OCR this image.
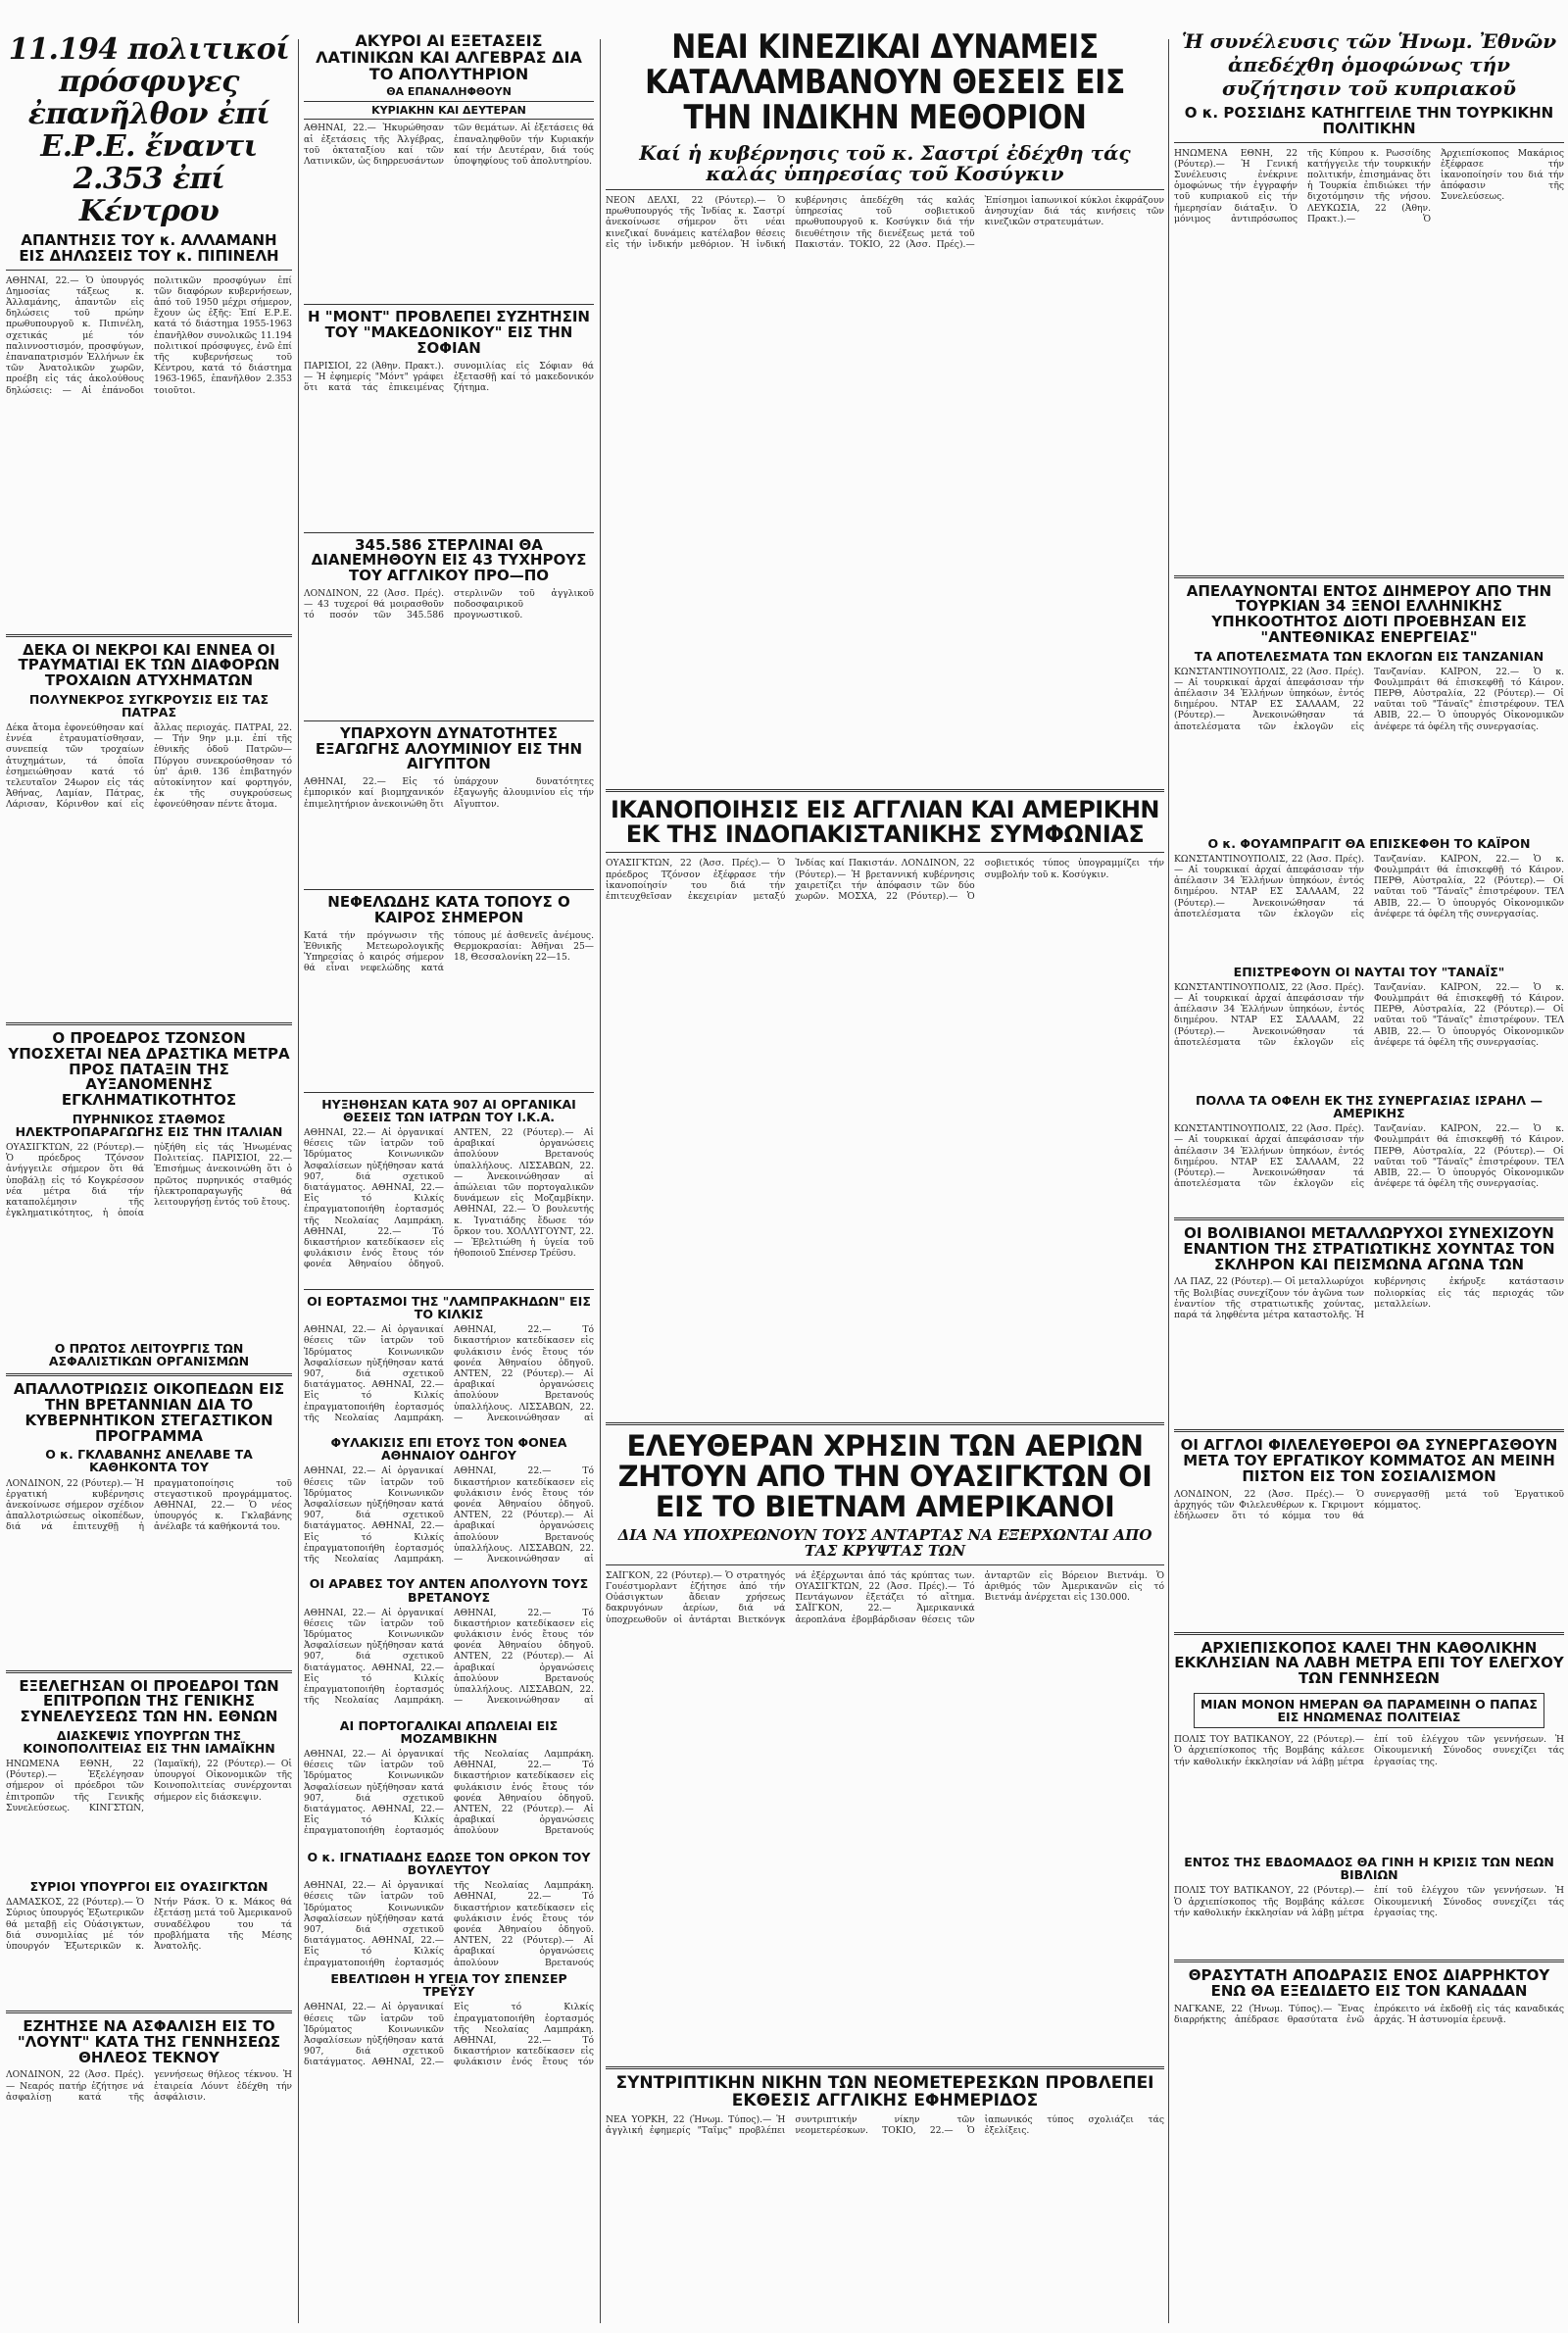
11.194 πολιτικοί πρόσφυγες ἐπανῆλθον ἐπί Ε.Ρ.Ε. ἔναντι 2.353 ἐπί Κέντρου
ΑΠΑΝΤΗΣΙΣ ΤΟΥ κ. ΑΛΛΑΜΑΝΗ ΕΙΣ ΔΗΛΩΣΕΙΣ ΤΟΥ κ. ΠΙΠΙΝΕΛΗ
ΑΘΗΝΑΙ, 22.— Ὁ ὑπουργός Δημοσίας τάξεως κ. Ἀλλαμάνης, ἀπαντῶν εἰς δηλώσεις τοῦ πρώην πρωθυπουργοῦ κ. Πιπινέλη, σχετικάς μέ τόν παλιννοστισμόν, προσφύγων, ἐπαναπατρισμόν Ἑλλήνων ἐκ τῶν Ἀνατολικῶν χωρῶν, προέβη εἰς τάς ἀκολούθους δηλώσεις: — Αἱ ἐπάνοδοι πολιτικῶν προσφύγων ἐπί τῶν διαφόρων κυβερνήσεων, ἀπό τοῦ 1950 μέχρι σήμερον, ἔχουν ὡς ἑξῆς: Ἐπί Ε.Ρ.Ε. κατά τό διάστημα 1955-1963 ἐπανῆλθον συνολικῶς 11.194 πολιτικοί πρόσφυγες, ἐνῶ ἐπί τῆς κυβερνήσεως τοῦ Κέντρου, κατά τό διάστημα 1963-1965, ἐπανῆλθον 2.353 τοιοῦτοι.
ΔΕΚΑ ΟΙ ΝΕΚΡΟΙ ΚΑΙ ΕΝΝΕΑ ΟΙ ΤΡΑΥΜΑΤΙΑΙ ΕΚ ΤΩΝ ΔΙΑΦΟΡΩΝ ΤΡΟΧΑΙΩΝ ΑΤΥΧΗΜΑΤΩΝ
ΠΟΛΥΝΕΚΡΟΣ ΣΥΓΚΡΟΥΣΙΣ ΕΙΣ ΤΑΣ ΠΑΤΡΑΣ
Δέκα ἄτομα ἐφονεύθησαν καί ἐννέα ἐτραυματίσθησαν, συνεπείᾳ τῶν τροχαίων ἀτυχημάτων, τά ὁποῖα ἐσημειώθησαν κατά τό τελευταῖον 24ωρον εἰς τάς Ἀθήνας, Λαμίαν, Πάτρας, Λάρισαν, Κόρινθον καί εἰς ἄλλας περιοχάς. ΠΑΤΡΑΙ, 22.— Τήν 9ην μ.μ. ἐπί τῆς ἐθνικῆς ὁδοῦ Πατρῶν—Πύργου συνεκρούσθησαν τό ὑπ' ἀριθ. 136 ἐπιβατηγόν αὐτοκίνητον καί φορτηγόν, ἐκ τῆς συγκρούσεως ἐφονεύθησαν πέντε ἄτομα.
Ο ΠΡΟΕΔΡΟΣ ΤΖΟΝΣΟΝ ΥΠΟΣΧΕΤΑΙ ΝΕΑ ΔΡΑΣΤΙΚΑ ΜΕΤΡΑ ΠΡΟΣ ΠΑΤΑΞΙΝ ΤΗΣ ΑΥΞΑΝΟΜΕΝΗΣ ΕΓΚΛΗΜΑΤΙΚΟΤΗΤΟΣ
ΠΥΡΗΝΙΚΟΣ ΣΤΑΘΜΟΣ ΗΛΕΚΤΡΟΠΑΡΑΓΩΓΗΣ ΕΙΣ ΤΗΝ ΙΤΑΛΙΑΝ
ΟΥΑΣΙΓΚΤΩΝ, 22 (Ρόυτερ).— Ὁ πρόεδρος Τζόνσον ἀνήγγειλε σήμερον ὅτι θά ὑποβάλῃ εἰς τό Κογκρέσσον νέα μέτρα διά τήν καταπολέμησιν τῆς ἐγκληματικότητος, ἡ ὁποία ηὐξήθη εἰς τάς Ἡνωμένας Πολιτείας. ΠΑΡΙΣΙΟΙ, 22.— Ἐπισήμως ἀνεκοινώθη ὅτι ὁ πρῶτος πυρηνικός σταθμός ἠλεκτροπαραγωγῆς θά λειτουργήσῃ ἐντός τοῦ ἔτους.
Ο ΠΡΩΤΟΣ ΛΕΙΤΟΥΡΓΙΣ ΤΩΝ ΑΣΦΑΛΙΣΤΙΚΩΝ ΟΡΓΑΝΙΣΜΩΝ
ΑΠΑΛΛΟΤΡΙΩΣΙΣ ΟΙΚΟΠΕΔΩΝ ΕΙΣ ΤΗΝ ΒΡΕΤΑΝΝΙΑΝ ΔΙΑ ΤΟ ΚΥΒΕΡΝΗΤΙΚΟΝ ΣΤΕΓΑΣΤΙΚΟΝ ΠΡΟΓΡΑΜΜΑ
Ο κ. ΓΚΛΑΒΑΝΗΣ ΑΝΕΛΑΒΕ ΤΑ ΚΑΘΗΚΟΝΤΑ ΤΟΥ
ΛΟΝΔΙΝΟΝ, 22 (Ρόυτερ).— Ἡ ἐργατική κυβέρνησις ἀνεκοίνωσε σήμερον σχέδιον ἀπαλλοτριώσεως οἰκοπέδων, διά νά ἐπιτευχθῇ ἡ πραγματοποίησις τοῦ στεγαστικοῦ προγράμματος. ΑΘΗΝΑΙ, 22.— Ὁ νέος ὑπουργός κ. Γκλαβάνης ἀνέλαβε τά καθήκοντά του.
ΕΞΕΛΕΓΗΣΑΝ ΟΙ ΠΡΟΕΔΡΟΙ ΤΩΝ ΕΠΙΤΡΟΠΩΝ ΤΗΣ ΓΕΝΙΚΗΣ ΣΥΝΕΛΕΥΣΕΩΣ ΤΩΝ ΗΝ. ΕΘΝΩΝ
ΔΙΑΣΚΕΨΙΣ ΥΠΟΥΡΓΩΝ ΤΗΣ ΚΟΙΝΟΠΟΛΙΤΕΙΑΣ ΕΙΣ ΤΗΝ ΙΑΜΑΪΚΗΝ
ΗΝΩΜΕΝΑ ΕΘΝΗ, 22 (Ρόυτερ).— Ἐξελέγησαν σήμερον οἱ πρόεδροι τῶν ἐπιτροπῶν τῆς Γενικῆς Συνελεύσεως. ΚΙΝΓΣΤΩΝ, (Ἰαμαϊκή), 22 (Ρόυτερ).— Οἱ ὑπουργοί Οἰκονομικῶν τῆς Κοινοπολιτείας συνέρχονται σήμερον εἰς διάσκεψιν.
ΣΥΡΙΟΙ ΥΠΟΥΡΓΟΙ ΕΙΣ ΟΥΑΣΙΓΚΤΩΝ
ΔΑΜΑΣΚΟΣ, 22 (Ρόυτερ).— Ὁ Σύριος ὑπουργός Ἐξωτερικῶν θά μεταβῇ εἰς Οὐάσιγκτων, διά συνομιλίας μέ τόν ὑπουργόν Ἐξωτερικῶν κ. Ντήν Ράσκ. Ὁ κ. Μάκος θά ἐξετάσῃ μετά τοῦ Ἀμερικανοῦ συναδέλφου του τά προβλήματα τῆς Μέσης Ἀνατολῆς.
ΕΖΗΤΗΣΕ ΝΑ ΑΣΦΑΛΙΣΗ ΕΙΣ ΤΟ "ΛΟΥΝΤ" ΚΑΤΑ ΤΗΣ ΓΕΝΝΗΣΕΩΣ ΘΗΛΕΟΣ ΤΕΚΝΟΥ
ΛΟΝΔΙΝΟΝ, 22 (Ἀσσ. Πρές).— Νεαρός πατήρ ἐζήτησε νά ἀσφαλίσῃ κατά τῆς γεννήσεως θήλεος τέκνου. Ἡ ἑταιρεία Λόυντ ἐδέχθη τήν ἀσφάλισιν.
ΑΚΥΡΟΙ ΑΙ ΕΞΕΤΑΣΕΙΣ ΛΑΤΙΝΙΚΩΝ ΚΑΙ ΑΛΓΕΒΡΑΣ ΔΙΑ ΤΟ ΑΠΟΛΥΤΗΡΙΟΝ
ΘΑ ΕΠΑΝΑΛΗΦΘΟΥΝ
ΚΥΡΙΑΚΗΝ ΚΑΙ ΔΕΥΤΕΡΑΝ
ΑΘΗΝΑΙ, 22.— Ἠκυρώθησαν αἱ ἐξετάσεις τῆς Ἀλγέβρας, τοῦ ὀκταταξίου καί τῶν Λατινικῶν, ὡς διηρρευσάντων τῶν θεμάτων. Αἱ ἐξετάσεις θά ἐπαναληφθοῦν τήν Κυριακήν καί τήν Δευτέραν, διά τούς ὑποψηφίους τοῦ ἀπολυτηρίου.
Η "ΜΟΝΤ" ΠΡΟΒΛΕΠΕΙ ΣΥΖΗΤΗΣΙΝ ΤΟΥ "ΜΑΚΕΔΟΝΙΚΟΥ" ΕΙΣ ΤΗΝ ΣΟΦΙΑΝ
ΠΑΡΙΣΙΟΙ, 22 (Ἀθην. Πρακτ.).— Ἡ ἐφημερίς "Μόντ" γράφει ὅτι κατά τάς ἐπικειμένας συνομιλίας εἰς Σόφιαν θά ἐξετασθῇ καί τό μακεδονικόν ζήτημα.
345.586 ΣΤΕΡΛΙΝΑΙ ΘΑ ΔΙΑΝΕΜΗΘΟΥΝ ΕΙΣ 43 ΤΥΧΗΡΟΥΣ ΤΟΥ ΑΓΓΛΙΚΟΥ ΠΡΟ—ΠΟ
ΛΟΝΔΙΝΟΝ, 22 (Ἀσσ. Πρές).— 43 τυχεροί θά μοιρασθοῦν τό ποσόν τῶν 345.586 στερλινῶν τοῦ ἀγγλικοῦ ποδοσφαιρικοῦ προγνωστικοῦ.
ΥΠΑΡΧΟΥΝ ΔΥΝΑΤΟΤΗΤΕΣ ΕΞΑΓΩΓΗΣ ΑΛΟΥΜΙΝΙΟΥ ΕΙΣ ΤΗΝ ΑΙΓΥΠΤΟΝ
ΑΘΗΝΑΙ, 22.— Εἰς τό ἐμπορικόν καί βιομηχανικόν ἐπιμελητήριον ἀνεκοινώθη ὅτι ὑπάρχουν δυνατότητες ἐξαγωγῆς ἀλουμινίου εἰς τήν Αἴγυπτον.
ΝΕΦΕΛΩΔΗΣ ΚΑΤΑ ΤΟΠΟΥΣ Ο ΚΑΙΡΟΣ ΣΗΜΕΡΟΝ
Κατά τήν πρόγνωσιν τῆς Ἐθνικῆς Μετεωρολογικῆς Ὑπηρεσίας ὁ καιρός σήμερον θά εἶναι νεφελώδης κατά τόπους μέ ἀσθενεῖς ἀνέμους. Θερμοκρασίαι: Ἀθῆναι 25—18, Θεσσαλονίκη 22—15.
ΗΥΞΗΘΗΣΑΝ ΚΑΤΑ 907 ΑΙ ΟΡΓΑΝΙΚΑΙ ΘΕΣΕΙΣ ΤΩΝ ΙΑΤΡΩΝ ΤΟΥ Ι.Κ.Α.
ΑΘΗΝΑΙ, 22.— Αἱ ὀργανικαί θέσεις τῶν ἰατρῶν τοῦ Ἱδρύματος Κοινωνικῶν Ἀσφαλίσεων ηὐξήθησαν κατά 907, διά σχετικοῦ διατάγματος. ΑΘΗΝΑΙ, 22.— Εἰς τό Κιλκίς ἐπραγματοποιήθη ἑορτασμός τῆς Νεολαίας Λαμπράκη. ΑΘΗΝΑΙ, 22.— Τό δικαστήριον κατεδίκασεν εἰς φυλάκισιν ἑνός ἔτους τόν φονέα Ἀθηναίου ὁδηγοῦ. ΑΝΤΕΝ, 22 (Ρόυτερ).— Αἱ ἀραβικαί ὀργανώσεις ἀπολύουν Βρετανούς ὑπαλλήλους. ΛΙΣΣΑΒΩΝ, 22.— Ἀνεκοινώθησαν αἱ ἀπώλειαι τῶν πορτογαλικῶν δυνάμεων εἰς Μοζαμβίκην. ΑΘΗΝΑΙ, 22.— Ὁ βουλευτής κ. Ἰγνατιάδης ἔδωσε τόν ὅρκον του. ΧΟΛΛΥΓΟΥΝΤ, 22.— Ἐβελτιώθη ἡ ὑγεία τοῦ ἠθοποιοῦ Σπένσερ Τρέϋσυ.
ΟΙ ΕΟΡΤΑΣΜΟΙ ΤΗΣ "ΛΑΜΠΡΑΚΗΔΩΝ" ΕΙΣ ΤΟ ΚΙΛΚΙΣ
ΑΘΗΝΑΙ, 22.— Αἱ ὀργανικαί θέσεις τῶν ἰατρῶν τοῦ Ἱδρύματος Κοινωνικῶν Ἀσφαλίσεων ηὐξήθησαν κατά 907, διά σχετικοῦ διατάγματος. ΑΘΗΝΑΙ, 22.— Εἰς τό Κιλκίς ἐπραγματοποιήθη ἑορτασμός τῆς Νεολαίας Λαμπράκη. ΑΘΗΝΑΙ, 22.— Τό δικαστήριον κατεδίκασεν εἰς φυλάκισιν ἑνός ἔτους τόν φονέα Ἀθηναίου ὁδηγοῦ. ΑΝΤΕΝ, 22 (Ρόυτερ).— Αἱ ἀραβικαί ὀργανώσεις ἀπολύουν Βρετανούς ὑπαλλήλους. ΛΙΣΣΑΒΩΝ, 22.— Ἀνεκοινώθησαν αἱ
ΦΥΛΑΚΙΣΙΣ ΕΠΙ ΕΤΟΥΣ ΤΟΝ ΦΟΝΕΑ ΑΘΗΝΑΙΟΥ ΟΔΗΓΟΥ
ΑΘΗΝΑΙ, 22.— Αἱ ὀργανικαί θέσεις τῶν ἰατρῶν τοῦ Ἱδρύματος Κοινωνικῶν Ἀσφαλίσεων ηὐξήθησαν κατά 907, διά σχετικοῦ διατάγματος. ΑΘΗΝΑΙ, 22.— Εἰς τό Κιλκίς ἐπραγματοποιήθη ἑορτασμός τῆς Νεολαίας Λαμπράκη. ΑΘΗΝΑΙ, 22.— Τό δικαστήριον κατεδίκασεν εἰς φυλάκισιν ἑνός ἔτους τόν φονέα Ἀθηναίου ὁδηγοῦ. ΑΝΤΕΝ, 22 (Ρόυτερ).— Αἱ ἀραβικαί ὀργανώσεις ἀπολύουν Βρετανούς ὑπαλλήλους. ΛΙΣΣΑΒΩΝ, 22.— Ἀνεκοινώθησαν αἱ
ΟΙ ΑΡΑΒΕΣ ΤΟΥ ΑΝΤΕΝ ΑΠΟΛΥΟΥΝ ΤΟΥΣ ΒΡΕΤΑΝΟΥΣ
ΑΘΗΝΑΙ, 22.— Αἱ ὀργανικαί θέσεις τῶν ἰατρῶν τοῦ Ἱδρύματος Κοινωνικῶν Ἀσφαλίσεων ηὐξήθησαν κατά 907, διά σχετικοῦ διατάγματος. ΑΘΗΝΑΙ, 22.— Εἰς τό Κιλκίς ἐπραγματοποιήθη ἑορτασμός τῆς Νεολαίας Λαμπράκη. ΑΘΗΝΑΙ, 22.— Τό δικαστήριον κατεδίκασεν εἰς φυλάκισιν ἑνός ἔτους τόν φονέα Ἀθηναίου ὁδηγοῦ. ΑΝΤΕΝ, 22 (Ρόυτερ).— Αἱ ἀραβικαί ὀργανώσεις ἀπολύουν Βρετανούς ὑπαλλήλους. ΛΙΣΣΑΒΩΝ, 22.— Ἀνεκοινώθησαν αἱ
ΑΙ ΠΟΡΤΟΓΑΛΙΚΑΙ ΑΠΩΛΕΙΑΙ ΕΙΣ ΜΟΖΑΜΒΙΚΗΝ
ΑΘΗΝΑΙ, 22.— Αἱ ὀργανικαί θέσεις τῶν ἰατρῶν τοῦ Ἱδρύματος Κοινωνικῶν Ἀσφαλίσεων ηὐξήθησαν κατά 907, διά σχετικοῦ διατάγματος. ΑΘΗΝΑΙ, 22.— Εἰς τό Κιλκίς ἐπραγματοποιήθη ἑορτασμός τῆς Νεολαίας Λαμπράκη. ΑΘΗΝΑΙ, 22.— Τό δικαστήριον κατεδίκασεν εἰς φυλάκισιν ἑνός ἔτους τόν φονέα Ἀθηναίου ὁδηγοῦ. ΑΝΤΕΝ, 22 (Ρόυτερ).— Αἱ ἀραβικαί ὀργανώσεις ἀπολύουν Βρετανούς
Ο κ. ΙΓΝΑΤΙΑΔΗΣ ΕΔΩΣΕ ΤΟΝ ΟΡΚΟΝ ΤΟΥ ΒΟΥΛΕΥΤΟΥ
ΑΘΗΝΑΙ, 22.— Αἱ ὀργανικαί θέσεις τῶν ἰατρῶν τοῦ Ἱδρύματος Κοινωνικῶν Ἀσφαλίσεων ηὐξήθησαν κατά 907, διά σχετικοῦ διατάγματος. ΑΘΗΝΑΙ, 22.— Εἰς τό Κιλκίς ἐπραγματοποιήθη ἑορτασμός τῆς Νεολαίας Λαμπράκη. ΑΘΗΝΑΙ, 22.— Τό δικαστήριον κατεδίκασεν εἰς φυλάκισιν ἑνός ἔτους τόν φονέα Ἀθηναίου ὁδηγοῦ. ΑΝΤΕΝ, 22 (Ρόυτερ).— Αἱ ἀραβικαί ὀργανώσεις ἀπολύουν Βρετανούς
ΕΒΕΛΤΙΩΘΗ Η ΥΓΕΙΑ ΤΟΥ ΣΠΕΝΣΕΡ ΤΡΕΫΣΥ
ΑΘΗΝΑΙ, 22.— Αἱ ὀργανικαί θέσεις τῶν ἰατρῶν τοῦ Ἱδρύματος Κοινωνικῶν Ἀσφαλίσεων ηὐξήθησαν κατά 907, διά σχετικοῦ διατάγματος. ΑΘΗΝΑΙ, 22.— Εἰς τό Κιλκίς ἐπραγματοποιήθη ἑορτασμός τῆς Νεολαίας Λαμπράκη. ΑΘΗΝΑΙ, 22.— Τό δικαστήριον κατεδίκασεν εἰς φυλάκισιν ἑνός ἔτους τόν
ΝΕΑΙ ΚΙΝΕΖΙΚΑΙ ΔΥΝΑΜΕΙΣ ΚΑΤΑΛΑΜΒΑΝΟΥΝ ΘΕΣΕΙΣ ΕΙΣ ΤΗΝ ΙΝΔΙΚΗΝ ΜΕΘΟΡΙΟΝ
Καί ἡ κυβέρνησις τοῦ κ. Σαστρί ἐδέχθη τάς καλάς ὑπηρεσίας τοῦ Κοσύγκιν
ΝΕΟΝ ΔΕΛΧΙ, 22 (Ρόυτερ).— Ὁ πρωθυπουργός τῆς Ἰνδίας κ. Σαστρί ἀνεκοίνωσε σήμερον ὅτι νέαι κινεζικαί δυνάμεις κατέλαβον θέσεις εἰς τήν ἰνδικήν μεθόριον. Ἡ ἰνδική κυβέρνησις ἀπεδέχθη τάς καλάς ὑπηρεσίας τοῦ σοβιετικοῦ πρωθυπουργοῦ κ. Κοσύγκιν διά τήν διευθέτησιν τῆς διενέξεως μετά τοῦ Πακιστάν. ΤΟΚΙΟ, 22 (Ἀσσ. Πρές).— Ἐπίσημοι ἰαπωνικοί κύκλοι ἐκφράζουν ἀνησυχίαν διά τάς κινήσεις τῶν κινεζικῶν στρατευμάτων.
ΙΚΑΝΟΠΟΙΗΣΙΣ ΕΙΣ ΑΓΓΛΙΑΝ ΚΑΙ ΑΜΕΡΙΚΗΝ ΕΚ ΤΗΣ ΙΝΔΟΠΑΚΙΣΤΑΝΙΚΗΣ ΣΥΜΦΩΝΙΑΣ
ΟΥΑΣΙΓΚΤΩΝ, 22 (Ἀσσ. Πρές).— Ὁ πρόεδρος Τζόνσον ἐξέφρασε τήν ἱκανοποίησίν του διά τήν ἐπιτευχθεῖσαν ἐκεχειρίαν μεταξύ Ἰνδίας καί Πακιστάν. ΛΟΝΔΙΝΟΝ, 22 (Ρόυτερ).— Ἡ βρεταννική κυβέρνησις χαιρετίζει τήν ἀπόφασιν τῶν δύο χωρῶν. ΜΟΣΧΑ, 22 (Ρόυτερ).— Ὁ σοβιετικός τύπος ὑπογραμμίζει τήν συμβολήν τοῦ κ. Κοσύγκιν.
ΕΛΕΥΘΕΡΑΝ ΧΡΗΣΙΝ ΤΩΝ ΑΕΡΙΩΝ ΖΗΤΟΥΝ ΑΠΟ ΤΗΝ ΟΥΑΣΙΓΚΤΩΝ ΟΙ ΕΙΣ ΤΟ ΒΙΕΤΝΑΜ ΑΜΕΡΙΚΑΝΟΙ
ΔΙΑ ΝΑ ΥΠΟΧΡΕΩΝΟΥΝ ΤΟΥΣ ΑΝΤΑΡΤΑΣ ΝΑ ΕΞΕΡΧΩΝΤΑΙ ΑΠΟ ΤΑΣ ΚΡΥΨΤΑΣ ΤΩΝ
ΣΑΪΓΚΟΝ, 22 (Ρόυτερ).— Ὁ στρατηγός Γουέστμορλαντ ἐζήτησε ἀπό τήν Οὐάσιγκτων ἄδειαν χρήσεως δακρυγόνων ἀερίων, διά νά ὑποχρεωθοῦν οἱ ἀντάρται Βιετκόνγκ νά ἐξέρχωνται ἀπό τάς κρύπτας των. ΟΥΑΣΙΓΚΤΩΝ, 22 (Ἀσσ. Πρές).— Τό Πεντάγωνον ἐξετάζει τό αἴτημα. ΣΑΪΓΚΟΝ, 22.— Ἀμερικανικά ἀεροπλάνα ἐβομβάρδισαν θέσεις τῶν ἀνταρτῶν εἰς Βόρειον Βιετνάμ. Ὁ ἀριθμός τῶν Ἀμερικανῶν εἰς τό Βιετνάμ ἀνέρχεται εἰς 130.000.
ΣΥΝΤΡΙΠΤΙΚΗΝ ΝΙΚΗΝ ΤΩΝ ΝΕΟΜΕΤΕΡΕΣΚΩΝ ΠΡΟΒΛΕΠΕΙ ΕΚΘΕΣΙΣ ΑΓΓΛΙΚΗΣ ΕΦΗΜΕΡΙΔΟΣ
ΝΕΑ ΥΟΡΚΗ, 22 (Ἡνωμ. Τύπος).— Ἡ ἀγγλική ἐφημερίς "Ταΐμς" προβλέπει συντριπτικήν νίκην τῶν νεομετερέσκων. ΤΟΚΙΟ, 22.— Ὁ ἰαπωνικός τύπος σχολιάζει τάς ἐξελίξεις.
Ἡ συνέλευσις τῶν Ἡνωμ. Ἐθνῶν ἀπεδέχθη ὁμοφώνως τήν συζήτησιν τοῦ κυπριακοῦ
Ο κ. ΡΟΣΣΙΔΗΣ ΚΑΤΗΓΓΕΙΛΕ ΤΗΝ ΤΟΥΡΚΙΚΗΝ ΠΟΛΙΤΙΚΗΝ
ΗΝΩΜΕΝΑ ΕΘΝΗ, 22 (Ρόυτερ).— Ἡ Γενική Συνέλευσις ἐνέκρινε ὁμοφώνως τήν ἐγγραφήν τοῦ κυπριακοῦ εἰς τήν ἡμερησίαν διάταξιν. Ὁ μόνιμος ἀντιπρόσωπος τῆς Κύπρου κ. Ρωσσίδης κατήγγειλε τήν τουρκικήν πολιτικήν, ἐπισημάνας ὅτι ἡ Τουρκία ἐπιδιώκει τήν διχοτόμησιν τῆς νήσου. ΛΕΥΚΩΣΙΑ, 22 (Ἀθην. Πρακτ.).— Ὁ Ἀρχιεπίσκοπος Μακάριος ἐξέφρασε τήν ἱκανοποίησίν του διά τήν ἀπόφασιν τῆς Συνελεύσεως.
ΑΠΕΛΑΥΝΟΝΤΑΙ ΕΝΤΟΣ ΔΙΗΜΕΡΟΥ ΑΠΟ ΤΗΝ ΤΟΥΡΚΙΑΝ 34 ΞΕΝΟΙ ΕΛΛΗΝΙΚΗΣ ΥΠΗΚΟΟΤΗΤΟΣ ΔΙΟΤΙ ΠΡΟΕΒΗΣΑΝ ΕΙΣ "ΑΝΤΕΘΝΙΚΑΣ ΕΝΕΡΓΕΙΑΣ"
ΤΑ ΑΠΟΤΕΛΕΣΜΑΤΑ ΤΩΝ ΕΚΛΟΓΩΝ ΕΙΣ ΤΑΝΖΑΝΙΑΝ
ΚΩΝΣΤΑΝΤΙΝΟΥΠΟΛΙΣ, 22 (Ἀσσ. Πρές).— Αἱ τουρκικαί ἀρχαί ἀπεφάσισαν τήν ἀπέλασιν 34 Ἑλλήνων ὑπηκόων, ἐντός διημέρου. ΝΤΑΡ ΕΣ ΣΑΛΑΑΜ, 22 (Ρόυτερ).— Ἀνεκοινώθησαν τά ἀποτελέσματα τῶν ἐκλογῶν εἰς Τανζανίαν. ΚΑΪΡΟΝ, 22.— Ὁ κ. Φουλμπράιτ θά ἐπισκεφθῇ τό Κάιρον. ΠΕΡΘ, Αὐστραλία, 22 (Ρόυτερ).— Οἱ ναῦται τοῦ "Τάναϊς" ἐπιστρέφουν. ΤΕΛ ΑΒΙΒ, 22.— Ὁ ὑπουργός Οἰκονομικῶν ἀνέφερε τά ὀφέλη τῆς συνεργασίας.
Ο κ. ΦΟΥΑΜΠΡΑΓΙΤ ΘΑ ΕΠΙΣΚΕΦΘΗ ΤΟ ΚΑΪΡΟΝ
ΚΩΝΣΤΑΝΤΙΝΟΥΠΟΛΙΣ, 22 (Ἀσσ. Πρές).— Αἱ τουρκικαί ἀρχαί ἀπεφάσισαν τήν ἀπέλασιν 34 Ἑλλήνων ὑπηκόων, ἐντός διημέρου. ΝΤΑΡ ΕΣ ΣΑΛΑΑΜ, 22 (Ρόυτερ).— Ἀνεκοινώθησαν τά ἀποτελέσματα τῶν ἐκλογῶν εἰς Τανζανίαν. ΚΑΪΡΟΝ, 22.— Ὁ κ. Φουλμπράιτ θά ἐπισκεφθῇ τό Κάιρον. ΠΕΡΘ, Αὐστραλία, 22 (Ρόυτερ).— Οἱ ναῦται τοῦ "Τάναϊς" ἐπιστρέφουν. ΤΕΛ ΑΒΙΒ, 22.— Ὁ ὑπουργός Οἰκονομικῶν ἀνέφερε τά ὀφέλη τῆς συνεργασίας.
ΕΠΙΣΤΡΕΦΟΥΝ ΟΙ ΝΑΥΤΑΙ ΤΟΥ "ΤΑΝΑΪΣ"
ΚΩΝΣΤΑΝΤΙΝΟΥΠΟΛΙΣ, 22 (Ἀσσ. Πρές).— Αἱ τουρκικαί ἀρχαί ἀπεφάσισαν τήν ἀπέλασιν 34 Ἑλλήνων ὑπηκόων, ἐντός διημέρου. ΝΤΑΡ ΕΣ ΣΑΛΑΑΜ, 22 (Ρόυτερ).— Ἀνεκοινώθησαν τά ἀποτελέσματα τῶν ἐκλογῶν εἰς Τανζανίαν. ΚΑΪΡΟΝ, 22.— Ὁ κ. Φουλμπράιτ θά ἐπισκεφθῇ τό Κάιρον. ΠΕΡΘ, Αὐστραλία, 22 (Ρόυτερ).— Οἱ ναῦται τοῦ "Τάναϊς" ἐπιστρέφουν. ΤΕΛ ΑΒΙΒ, 22.— Ὁ ὑπουργός Οἰκονομικῶν ἀνέφερε τά ὀφέλη τῆς συνεργασίας.
ΠΟΛΛΑ ΤΑ ΟΦΕΛΗ ΕΚ ΤΗΣ ΣΥΝΕΡΓΑΣΙΑΣ ΙΣΡΑΗΛ — ΑΜΕΡΙΚΗΣ
ΚΩΝΣΤΑΝΤΙΝΟΥΠΟΛΙΣ, 22 (Ἀσσ. Πρές).— Αἱ τουρκικαί ἀρχαί ἀπεφάσισαν τήν ἀπέλασιν 34 Ἑλλήνων ὑπηκόων, ἐντός διημέρου. ΝΤΑΡ ΕΣ ΣΑΛΑΑΜ, 22 (Ρόυτερ).— Ἀνεκοινώθησαν τά ἀποτελέσματα τῶν ἐκλογῶν εἰς Τανζανίαν. ΚΑΪΡΟΝ, 22.— Ὁ κ. Φουλμπράιτ θά ἐπισκεφθῇ τό Κάιρον. ΠΕΡΘ, Αὐστραλία, 22 (Ρόυτερ).— Οἱ ναῦται τοῦ "Τάναϊς" ἐπιστρέφουν. ΤΕΛ ΑΒΙΒ, 22.— Ὁ ὑπουργός Οἰκονομικῶν ἀνέφερε τά ὀφέλη τῆς συνεργασίας.
ΟΙ ΒΟΛΙΒΙΑΝΟΙ ΜΕΤΑΛΛΩΡΥΧΟΙ ΣΥΝΕΧΙΖΟΥΝ ΕΝΑΝΤΙΟΝ ΤΗΣ ΣΤΡΑΤΙΩΤΙΚΗΣ ΧΟΥΝΤΑΣ ΤΟΝ ΣΚΛΗΡΟΝ ΚΑΙ ΠΕΙΣΜΩΝΑ ΑΓΩΝΑ ΤΩΝ
ΛΑ ΠΑΖ, 22 (Ρόυτερ).— Οἱ μεταλλωρύχοι τῆς Βολιβίας συνεχίζουν τόν ἀγῶνα των ἐναντίον τῆς στρατιωτικῆς χούντας, παρά τά ληφθέντα μέτρα καταστολῆς. Ἡ κυβέρνησις ἐκήρυξε κατάστασιν πολιορκίας εἰς τάς περιοχάς τῶν μεταλλείων.
ΟΙ ΑΓΓΛΟΙ ΦΙΛΕΛΕΥΘΕΡΟΙ ΘΑ ΣΥΝΕΡΓΑΣΘΟΥΝ ΜΕΤΑ ΤΟΥ ΕΡΓΑΤΙΚΟΥ ΚΟΜΜΑΤΟΣ ΑΝ ΜΕΙΝΗ ΠΙΣΤΟΝ ΕΙΣ ΤΟΝ ΣΟΣΙΑΛΙΣΜΟΝ
ΛΟΝΔΙΝΟΝ, 22 (Ἀσσ. Πρές).— Ὁ ἀρχηγός τῶν Φιλελευθέρων κ. Γκριμοντ ἐδήλωσεν ὅτι τό κόμμα του θά συνεργασθῇ μετά τοῦ Ἐργατικοῦ κόμματος.
ΑΡΧΙΕΠΙΣΚΟΠΟΣ ΚΑΛΕΙ ΤΗΝ ΚΑΘΟΛΙΚΗΝ ΕΚΚΛΗΣΙΑΝ ΝΑ ΛΑΒΗ ΜΕΤΡΑ ΕΠΙ ΤΟΥ ΕΛΕΓΧΟΥ ΤΩΝ ΓΕΝΝΗΣΕΩΝ
ΜΙΑΝ ΜΟΝΟΝ ΗΜΕΡΑΝ ΘΑ ΠΑΡΑΜΕΙΝΗ Ο ΠΑΠΑΣ ΕΙΣ ΗΝΩΜΕΝΑΣ ΠΟΛΙΤΕΙΑΣ
ΠΟΛΙΣ ΤΟΥ ΒΑΤΙΚΑΝΟΥ, 22 (Ρόυτερ).— Ὁ ἀρχιεπίσκοπος τῆς Βομβάης κάλεσε τήν καθολικήν ἐκκλησίαν νά λάβῃ μέτρα ἐπί τοῦ ἐλέγχου τῶν γεννήσεων. Ἡ Οἰκουμενική Σύνοδος συνεχίζει τάς ἐργασίας της.
ΕΝΤΟΣ ΤΗΣ ΕΒΔΟΜΑΔΟΣ ΘΑ ΓΙΝΗ Η ΚΡΙΣΙΣ ΤΩΝ ΝΕΩΝ ΒΙΒΛΙΩΝ
ΠΟΛΙΣ ΤΟΥ ΒΑΤΙΚΑΝΟΥ, 22 (Ρόυτερ).— Ὁ ἀρχιεπίσκοπος τῆς Βομβάης κάλεσε τήν καθολικήν ἐκκλησίαν νά λάβῃ μέτρα ἐπί τοῦ ἐλέγχου τῶν γεννήσεων. Ἡ Οἰκουμενική Σύνοδος συνεχίζει τάς ἐργασίας της.
ΘΡΑΣΥΤΑΤΗ ΑΠΟΔΡΑΣΙΣ ΕΝΟΣ ΔΙΑΡΡΗΚΤΟΥ ΕΝΩ ΘΑ ΕΞΕΔΙΔΕΤΟ ΕΙΣ ΤΟΝ ΚΑΝΑΔΑΝ
ΝΑΓΚΑΝΕ, 22 (Ἡνωμ. Τύπος).— Ἕνας διαρρήκτης ἀπέδρασε θρασύτατα ἐνῶ ἐπρόκειτο νά ἐκδοθῇ εἰς τάς καναδικάς ἀρχάς. Ἡ ἀστυνομία ἐρευνᾷ.
